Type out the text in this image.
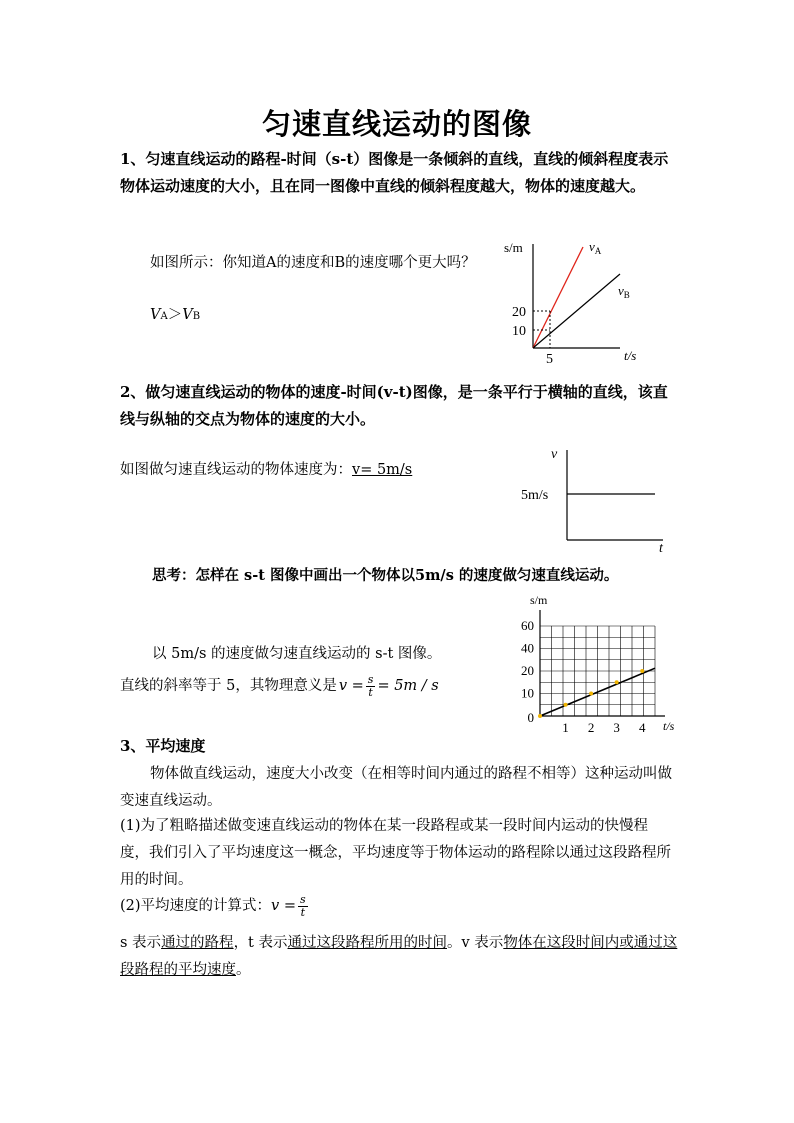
匀速直线运动的图像
1、匀速直线运动的路程-时间（s-t）图像是一条倾斜的直线，直线的倾斜程度表示物体运动速度的大小，且在同一图像中直线的倾斜程度越大，物体的速度越大。
如图所示：你知道A的速度和B的速度哪个更大吗？
VA＞VB
s/m
t/s
20
10
5
$v_A$
$v_B$
2、做匀速直线运动的物体的速度-时间(v-t)图像，是一条平行于横轴的直线，该直线与纵轴的交点为物体的速度的大小。
如图做匀速直线运动的物体速度为：v= 5m/s
v
t
5m/s
思考：怎样在 s-t 图像中画出一个物体以5m/s 的速度做匀速直线运动。
以 5m/s 的速度做匀速直线运动的 s-t 图像。
直线的斜率等于 5，其物理意义是 $v = \frac{s}{t} = 5m / s$
s/m
t/s
0
10
20
40
60
1 2 3 4
3、平均速度
物体做直线运动，速度大小改变（在相等时间内通过的路程不相等）这种运动叫做变速直线运动。
(1)为了粗略描述做变速直线运动的物体在某一段路程或某一段时间内运动的快慢程度，我们引入了平均速度这一概念，平均速度等于物体运动的路程除以通过这段路程所用的时间。
(2)平均速度的计算式： $v = \frac{s}{t}$
s 表示通过的路程，t 表示通过这段路程所用的时间。v 表示物体在这段时间内或通过这段路程的平均速度。
